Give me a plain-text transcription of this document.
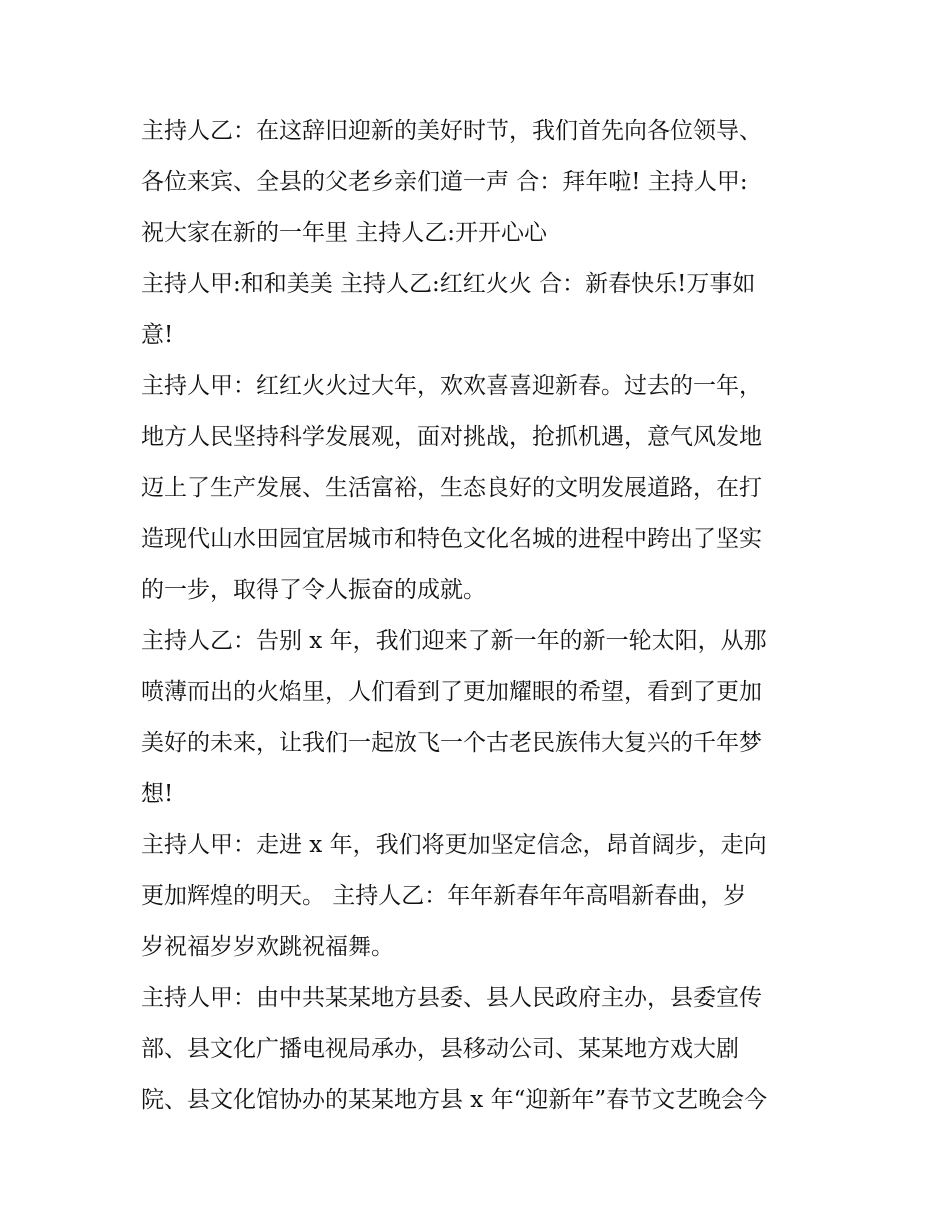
主持人乙：在这辞旧迎新的美好时节，我们首先向各位领导、
各位来宾、全县的父老乡亲们道一声 合：拜年啦! 主持人甲:
祝大家在新的一年里 主持人乙:开开心心
主持人甲:和和美美 主持人乙:红红火火 合：新春快乐!万事如
意!
主持人甲：红红火火过大年，欢欢喜喜迎新春。过去的一年，
地方人民坚持科学发展观，面对挑战，抢抓机遇，意气风发地
迈上了生产发展、生活富裕，生态良好的文明发展道路，在打
造现代山水田园宜居城市和特色文化名城的进程中跨出了坚实
的一步，取得了令人振奋的成就。
主持人乙：告别 x 年，我们迎来了新一年的新一轮太阳，从那
喷薄而出的火焰里，人们看到了更加耀眼的希望，看到了更加
美好的未来，让我们一起放飞一个古老民族伟大复兴的千年梦
想!
主持人甲：走进 x 年，我们将更加坚定信念，昂首阔步，走向
更加辉煌的明天。 主持人乙：年年新春年年高唱新春曲，岁
岁祝福岁岁欢跳祝福舞。
主持人甲：由中共某某地方县委、县人民政府主办，县委宣传
部、县文化广播电视局承办，县移动公司、某某地方戏大剧
院、县文化馆协办的某某地方县 x 年“迎新年”春节文艺晚会今
